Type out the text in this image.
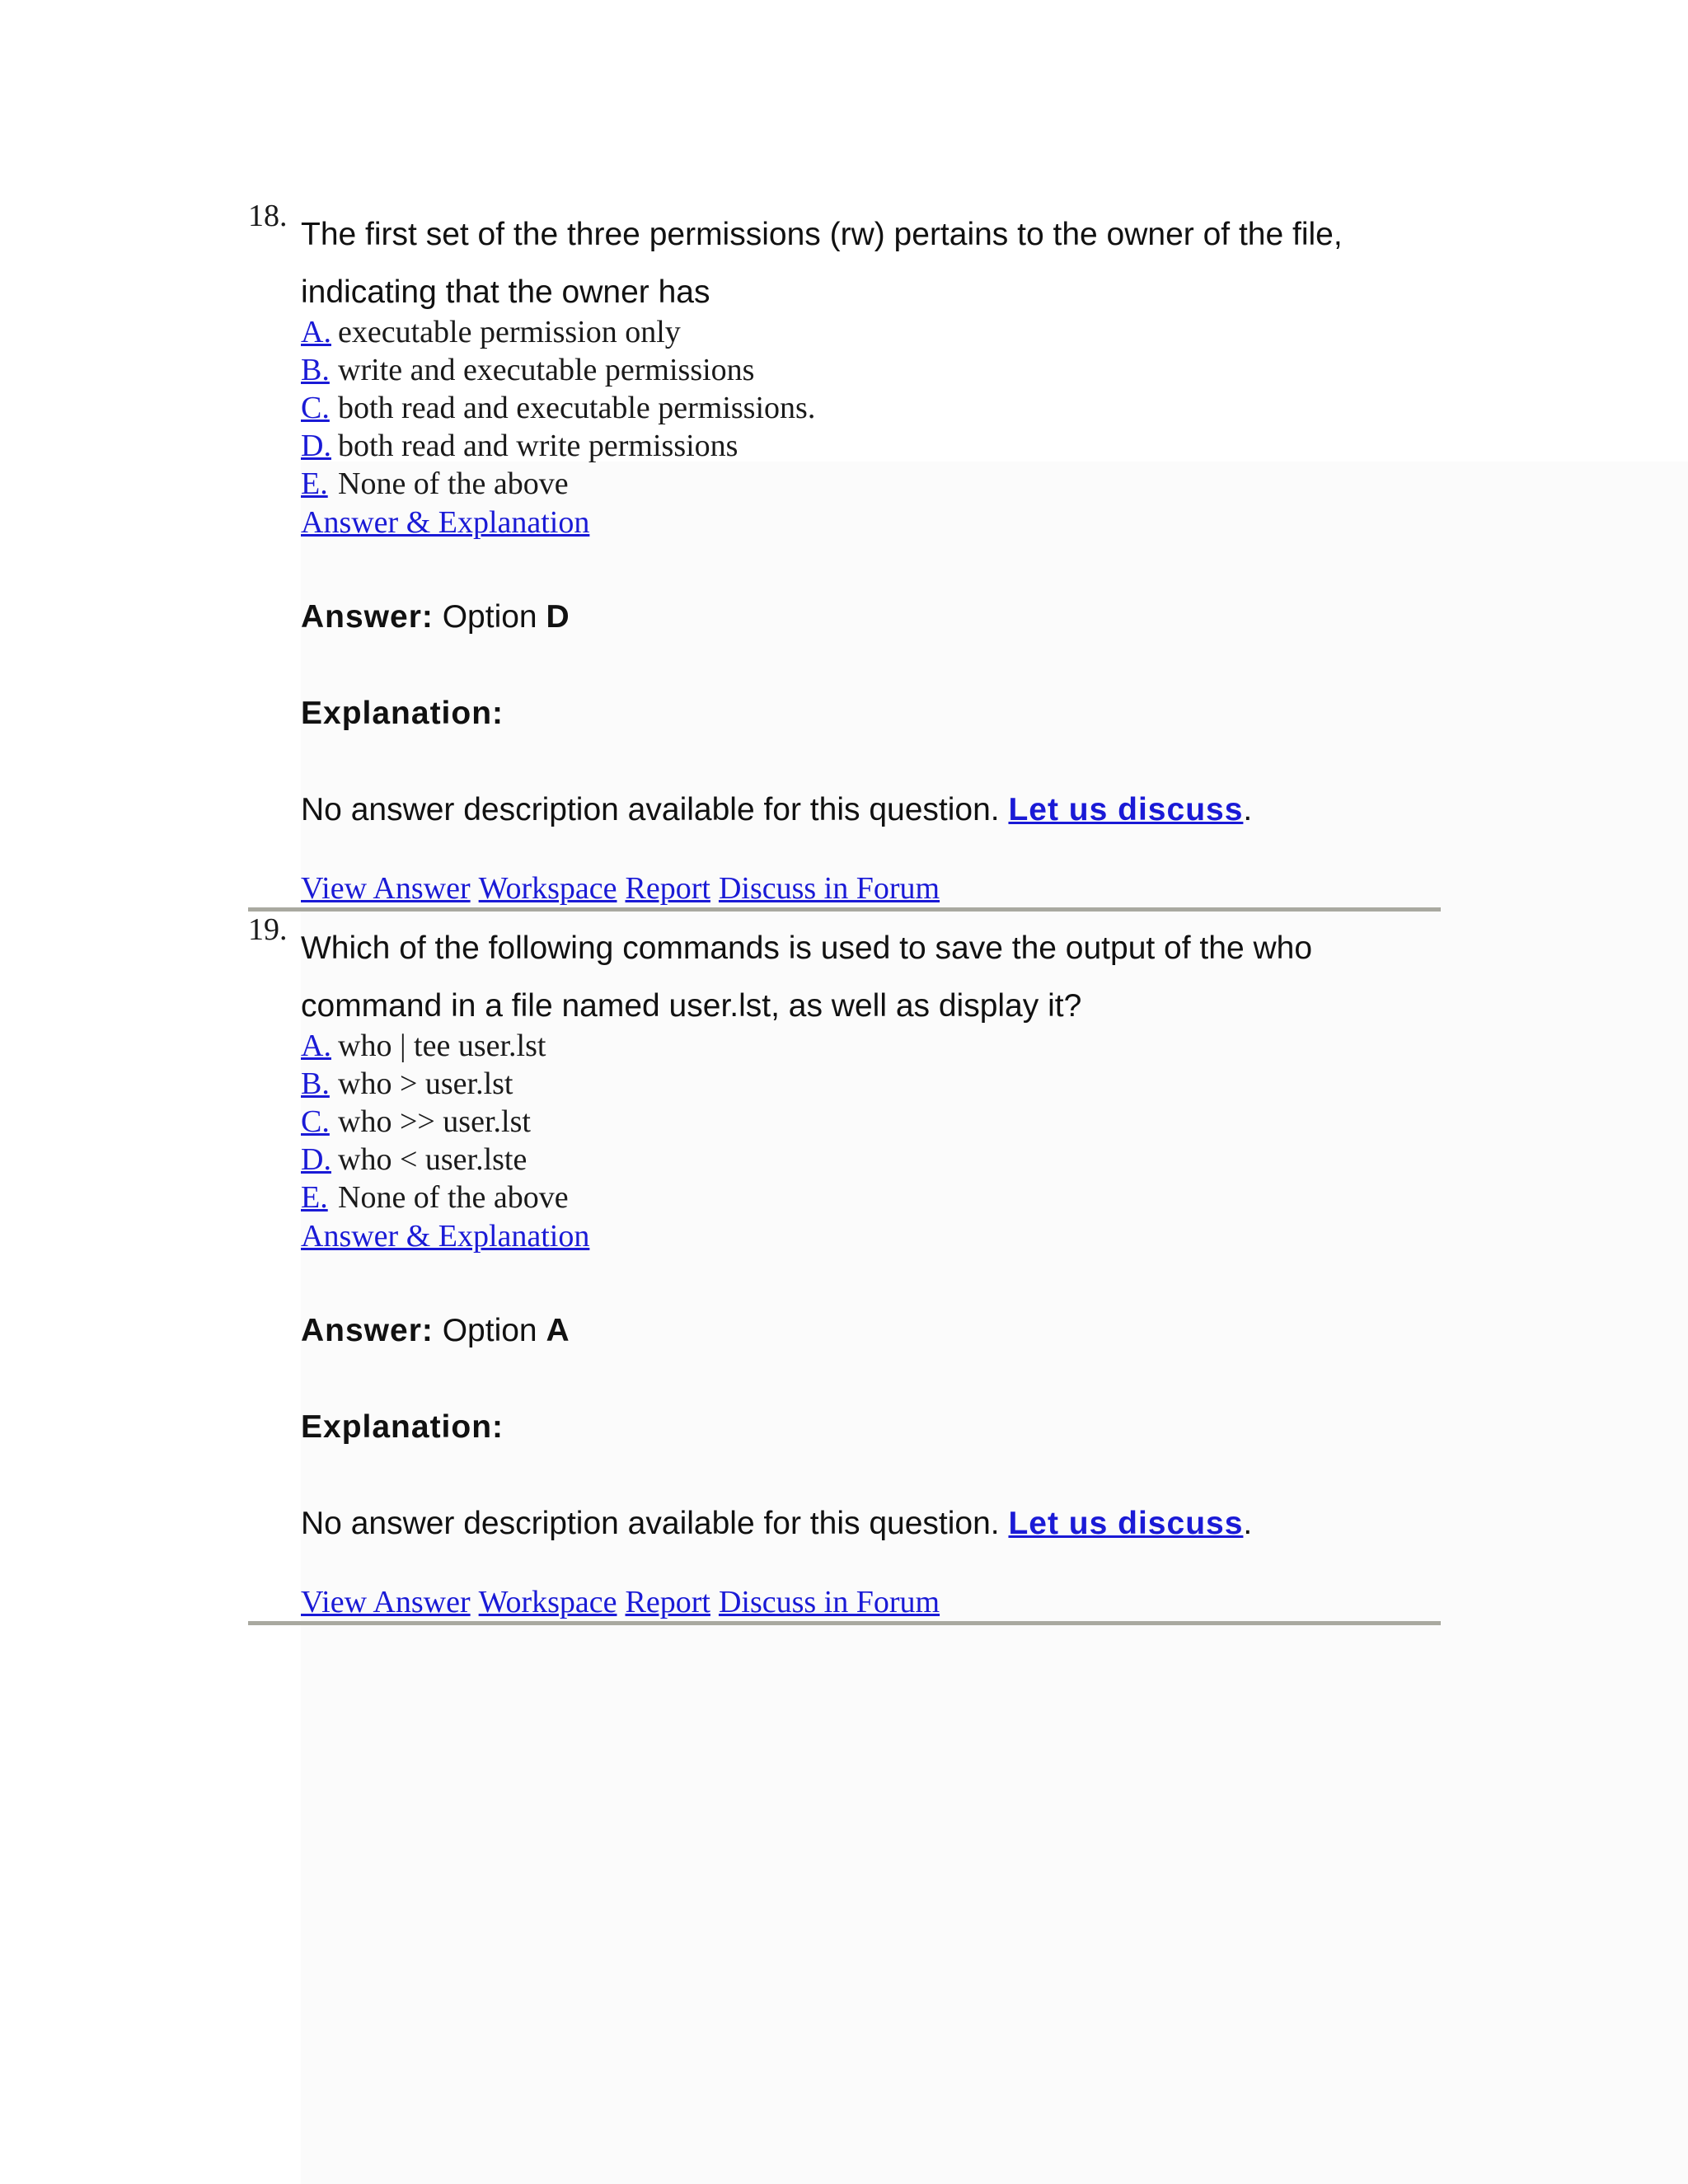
18.
The first set of the three permissions (rw) pertains to the owner of the file, indicating that the owner has
A. executable permission only
B. write and executable permissions
C. both read and executable permissions.
D. both read and write permissions
E. None of the above
Answer & Explanation
Answer: Option D
Explanation:
No answer description available for this question. Let us discuss.
View Answer Workspace Report Discuss in Forum
19.
Which of the following commands is used to save the output of the who command in a file named user.lst, as well as display it?
A. who | tee user.lst
B. who > user.lst
C. who >> user.lst
D. who < user.lste
E. None of the above
Answer & Explanation
Answer: Option A
Explanation:
No answer description available for this question. Let us discuss.
View Answer Workspace Report Discuss in Forum
